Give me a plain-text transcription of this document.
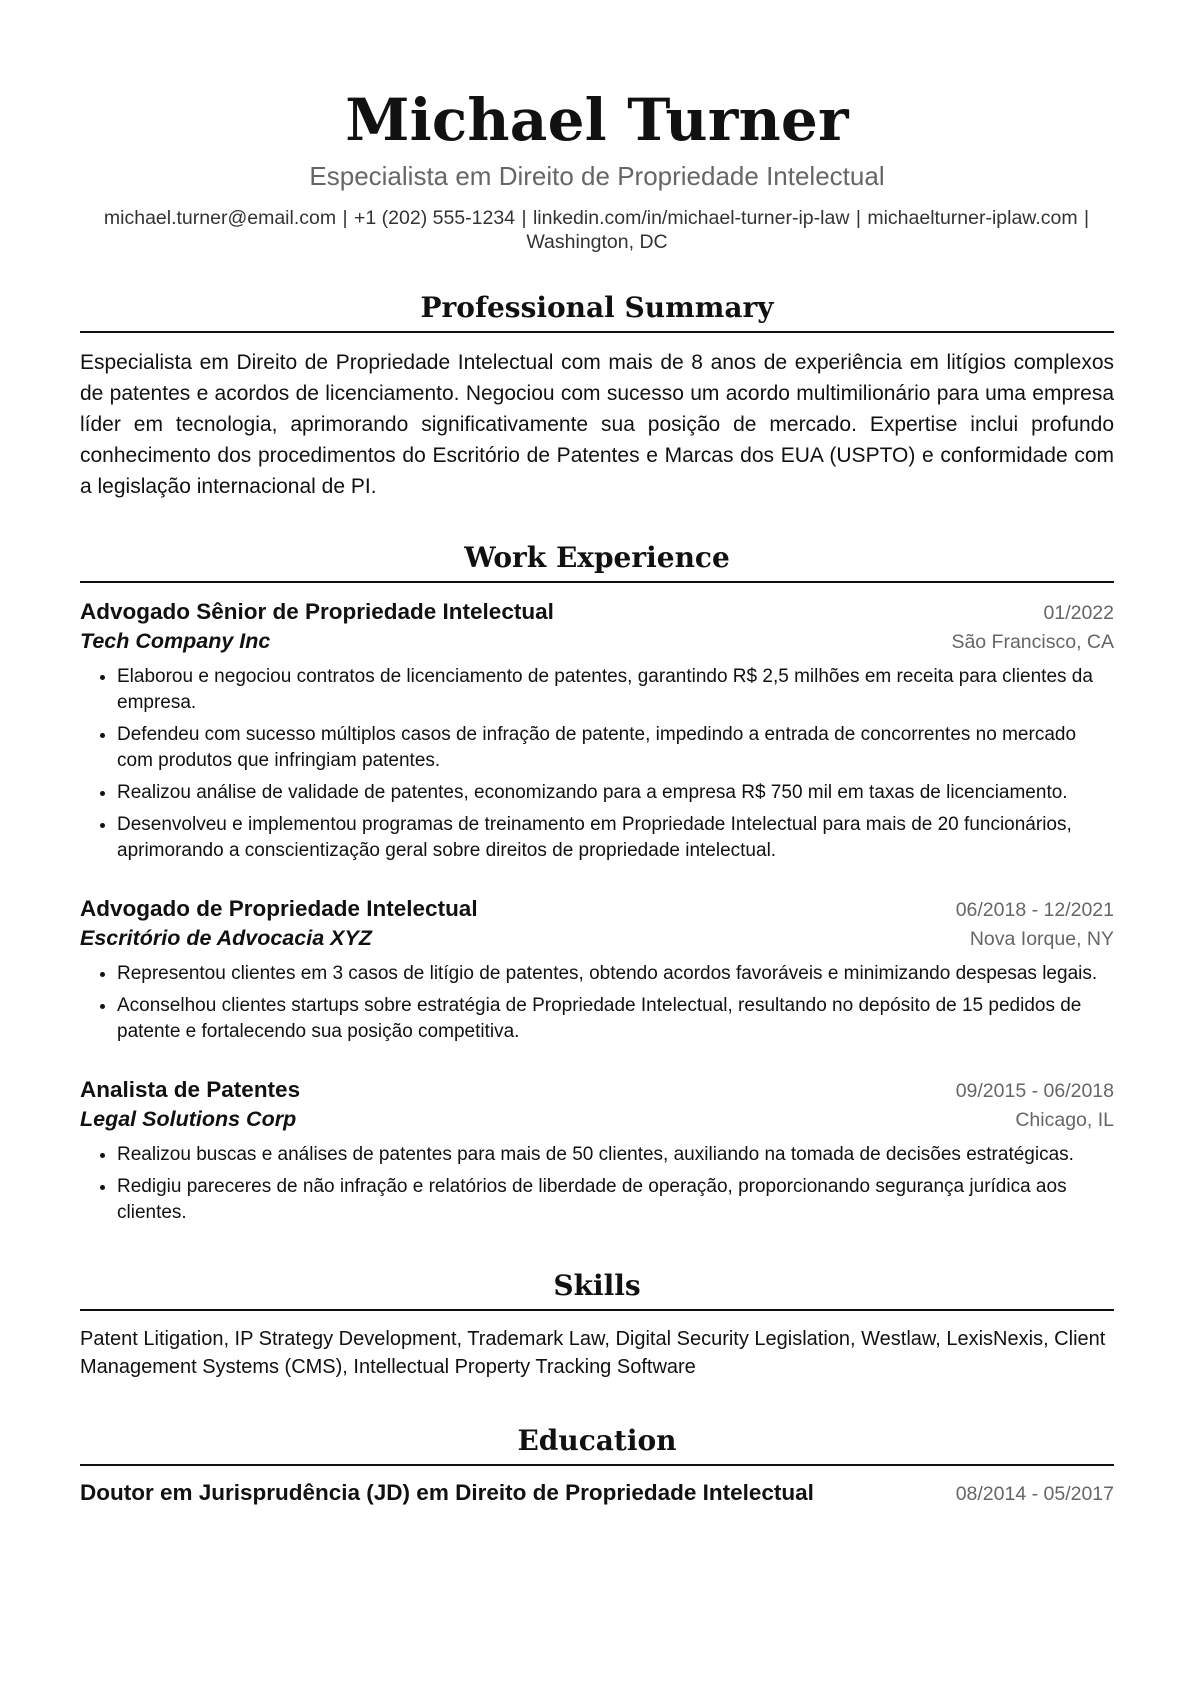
Michael Turner
Especialista em Direito de Propriedade Intelectual
michael.turner@email.com | +1 (202) 555-1234 | linkedin.com/in/michael-turner-ip-law | michaelturner-iplaw.com | Washington, DC
Professional Summary
Especialista em Direito de Propriedade Intelectual com mais de 8 anos de experiência em litígios complexos de patentes e acordos de licenciamento. Negociou com sucesso um acordo multimilionário para uma empresa líder em tecnologia, aprimorando significativamente sua posição de mercado. Expertise inclui profundo conhecimento dos procedimentos do Escritório de Patentes e Marcas dos EUA (USPTO) e conformidade com a legislação internacional de PI.
Work Experience
Advogado Sênior de Propriedade Intelectual	01/2022
Tech Company Inc	São Francisco, CA
• Elaborou e negociou contratos de licenciamento de patentes, garantindo R$ 2,5 milhões em receita para clientes da empresa.
• Defendeu com sucesso múltiplos casos de infração de patente, impedindo a entrada de concorrentes no mercado com produtos que infringiam patentes.
• Realizou análise de validade de patentes, economizando para a empresa R$ 750 mil em taxas de licenciamento.
• Desenvolveu e implementou programas de treinamento em Propriedade Intelectual para mais de 20 funcionários, aprimorando a conscientização geral sobre direitos de propriedade intelectual.
Advogado de Propriedade Intelectual	06/2018 - 12/2021
Escritório de Advocacia XYZ	Nova Iorque, NY
• Representou clientes em 3 casos de litígio de patentes, obtendo acordos favoráveis e minimizando despesas legais.
• Aconselhou clientes startups sobre estratégia de Propriedade Intelectual, resultando no depósito de 15 pedidos de patente e fortalecendo sua posição competitiva.
Analista de Patentes	09/2015 - 06/2018
Legal Solutions Corp	Chicago, IL
• Realizou buscas e análises de patentes para mais de 50 clientes, auxiliando na tomada de decisões estratégicas.
• Redigiu pareceres de não infração e relatórios de liberdade de operação, proporcionando segurança jurídica aos clientes.
Skills
Patent Litigation, IP Strategy Development, Trademark Law, Digital Security Legislation, Westlaw, LexisNexis, Client Management Systems (CMS), Intellectual Property Tracking Software
Education
Doutor em Jurisprudência (JD) em Direito de Propriedade Intelectual	08/2014 - 05/2017
